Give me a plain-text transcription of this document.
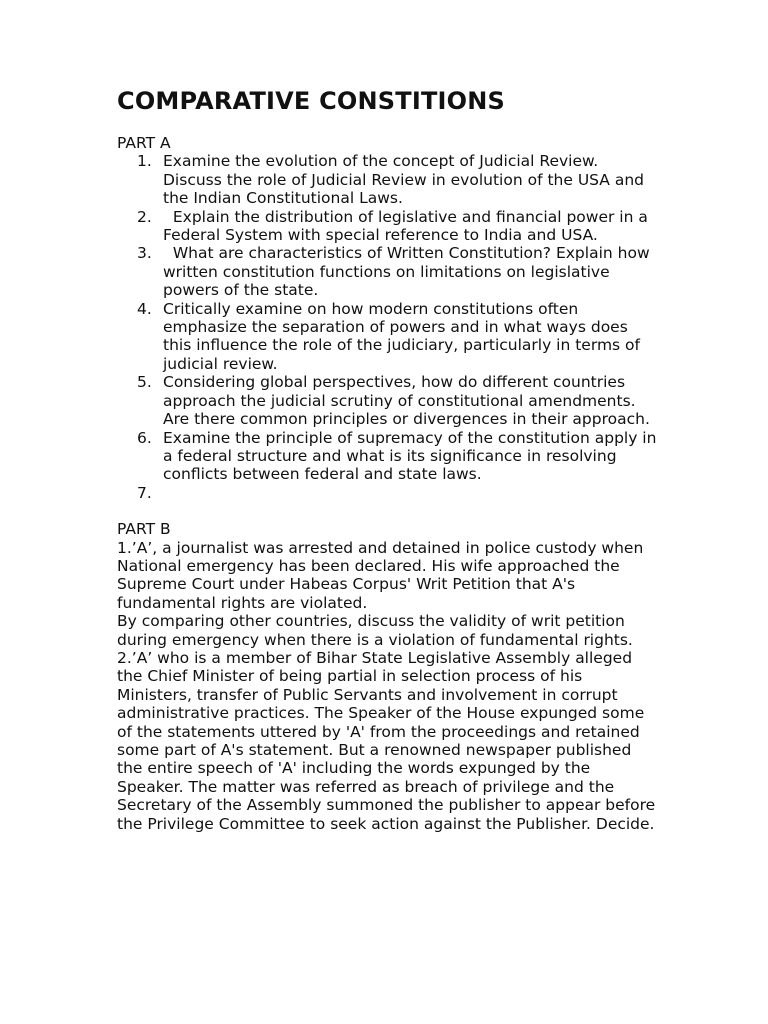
COMPARATIVE CONSTITIONS

PART A

1. Examine the evolution of the concept of Judicial Review. Discuss the role of Judicial Review in evolution of the USA and the Indian Constitutional Laws.
2. Explain the distribution of legislative and financial power in a Federal System with special reference to India and USA.
3. What are characteristics of Written Constitution? Explain how written constitution functions on limitations on legislative powers of the state.
4. Critically examine on how modern constitutions often emphasize the separation of powers and in what ways does this influence the role of the judiciary, particularly in terms of judicial review.
5. Considering global perspectives, how do different countries approach the judicial scrutiny of constitutional amendments. Are there common principles or divergences in their approach.
6. Examine the principle of supremacy of the constitution apply in a federal structure and what is its significance in resolving conflicts between federal and state laws.
7.

PART B

1.’A’, a journalist was arrested and detained in police custody when National emergency has been declared. His wife approached the Supreme Court under Habeas Corpus' Writ Petition that A's fundamental rights are violated.

By comparing other countries, discuss the validity of writ petition during emergency when there is a violation of fundamental rights.

2.’A’ who is a member of Bihar State Legislative Assembly alleged the Chief Minister of being partial in selection process of his Ministers, transfer of Public Servants and involvement in corrupt administrative practices. The Speaker of the House expunged some of the statements uttered by 'A' from the proceedings and retained some part of A's statement. But a renowned newspaper published the entire speech of 'A' including the words expunged by the Speaker. The matter was referred as breach of privilege and the Secretary of the Assembly summoned the publisher to appear before the Privilege Committee to seek action against the Publisher. Decide.
